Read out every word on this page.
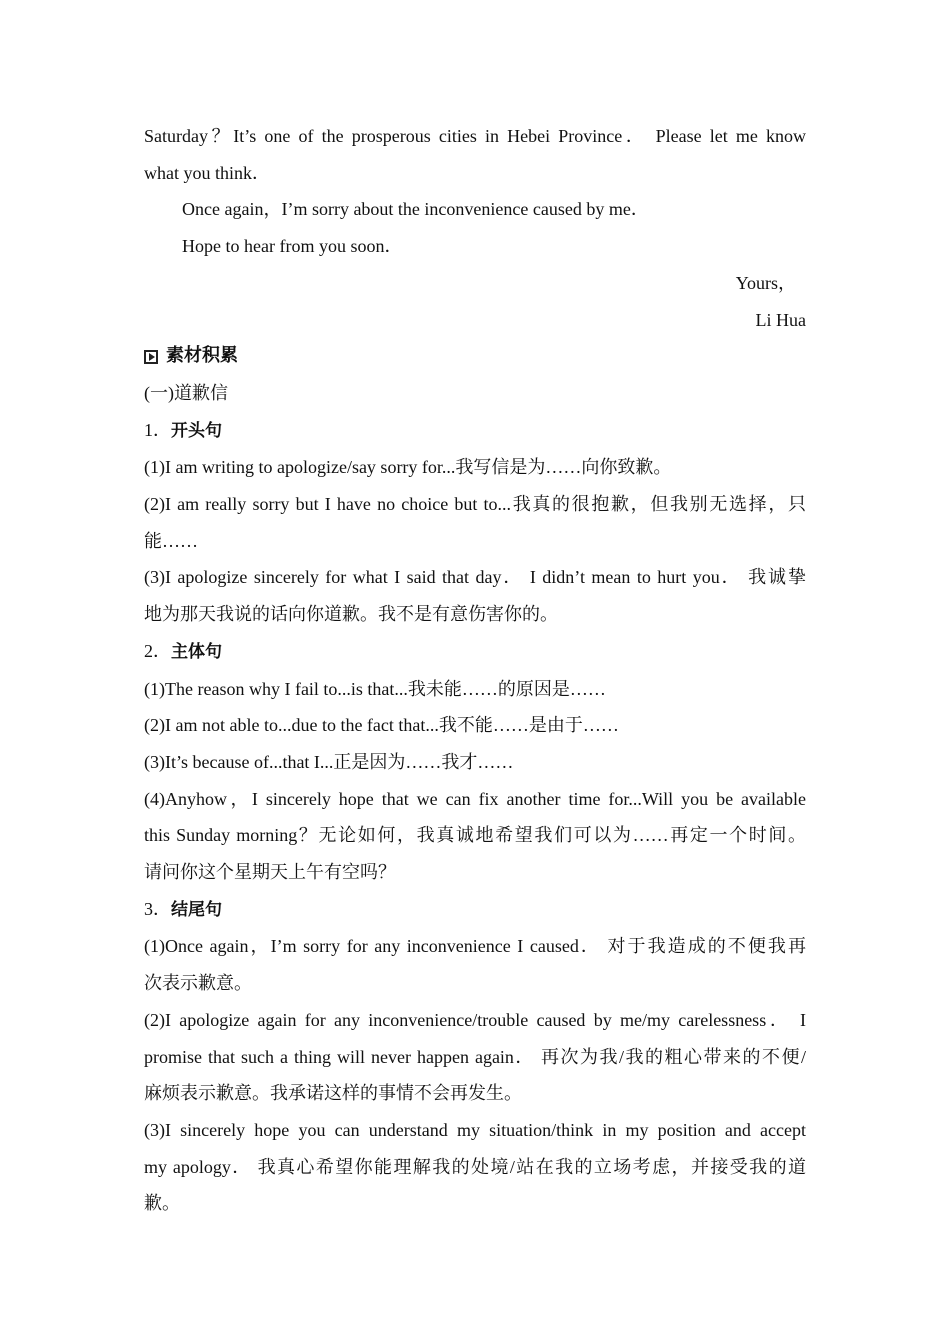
Saturday？It’s one of the prosperous cities in Hebei Province． Please let me know
what you think．
Once again，I’m sorry about the inconvenience caused by me．
Hope to hear from you soon．
Yours，
Li Hua
素材积累
(一)道歉信
1．开头句
(1)I am writing to apologize/say sorry for...我写信是为……向你致歉。
(2)I am really sorry but I have no choice but to...我真的很抱歉，但我别无选择，只
能……
(3)I apologize sincerely for what I said that day． I didn’t mean to hurt you． 我诚挚
地为那天我说的话向你道歉。我不是有意伤害你的。
2．主体句
(1)The reason why I fail to...is that...我未能……的原因是……
(2)I am not able to...due to the fact that...我不能……是由于……
(3)It’s because of...that I...正是因为……我才……
(4)Anyhow，I sincerely hope that we can fix another time for...Will you be available
this Sunday morning？无论如何，我真诚地希望我们可以为……再定一个时间。
请问你这个星期天上午有空吗？
3．结尾句
(1)Once again，I’m sorry for any inconvenience I caused． 对于我造成的不便我再
次表示歉意。
(2)I apologize again for any inconvenience/trouble caused by me/my carelessness． I
promise that such a thing will never happen again． 再次为我/我的粗心带来的不便/
麻烦表示歉意。我承诺这样的事情不会再发生。
(3)I sincerely hope you can understand my situation/think in my position and accept
my apology． 我真心希望你能理解我的处境/站在我的立场考虑，并接受我的道
歉。
